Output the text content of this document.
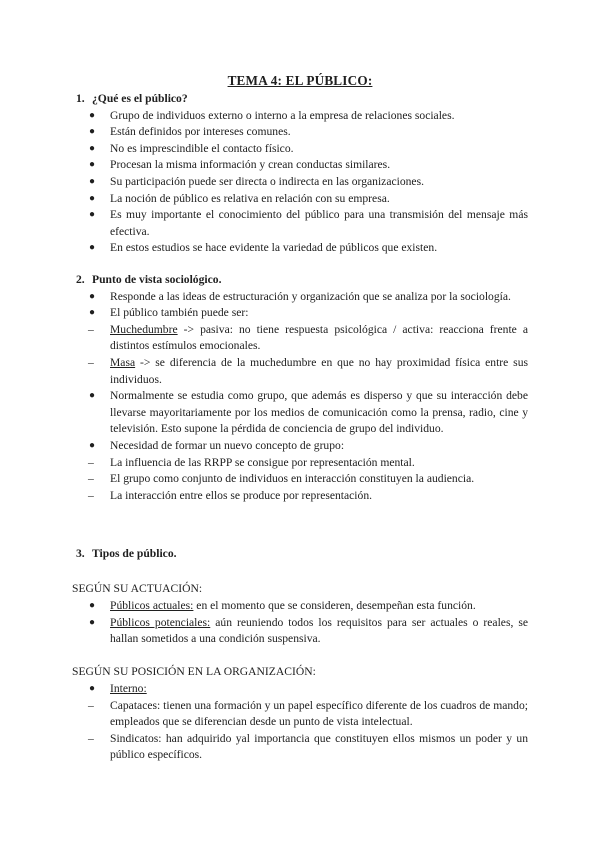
TEMA 4: EL PÚBLICO:
1. ¿Qué es el público?
● Grupo de individuos externo o interno a la empresa de relaciones sociales.
● Están definidos por intereses comunes.
● No es imprescindible el contacto físico.
● Procesan la misma información y crean conductas similares.
● Su participación puede ser directa o indirecta en las organizaciones.
● La noción de público es relativa en relación con su empresa.
● Es muy importante el conocimiento del público para una transmisión del mensaje más efectiva.
● En estos estudios se hace evidente la variedad de públicos que existen.
2. Punto de vista sociológico.
● Responde a las ideas de estructuración y organización que se analiza por la sociología.
● El público también puede ser:
– Muchedumbre -> pasiva: no tiene respuesta psicológica / activa: reacciona frente a distintos estímulos emocionales.
– Masa -> se diferencia de la muchedumbre en que no hay proximidad física entre sus individuos.
● Normalmente se estudia como grupo, que además es disperso y que su interacción debe llevarse mayoritariamente por los medios de comunicación como la prensa, radio, cine y televisión. Esto supone la pérdida de conciencia de grupo del individuo.
● Necesidad de formar un nuevo concepto de grupo:
– La influencia de las RRPP se consigue por representación mental.
– El grupo como conjunto de individuos en interacción constituyen la audiencia.
– La interacción entre ellos se produce por representación.
3. Tipos de público.
SEGÚN SU ACTUACIÓN:
● Públicos actuales: en el momento que se consideren, desempeñan esta función.
● Públicos potenciales: aún reuniendo todos los requisitos para ser actuales o reales, se hallan sometidos a una condición suspensiva.
SEGÚN SU POSICIÓN EN LA ORGANIZACIÓN:
● Interno:
– Capataces: tienen una formación y un papel específico diferente de los cuadros de mando; empleados que se diferencian desde un punto de vista intelectual.
– Sindicatos: han adquirido yal importancia que constituyen ellos mismos un poder y un público específicos.
